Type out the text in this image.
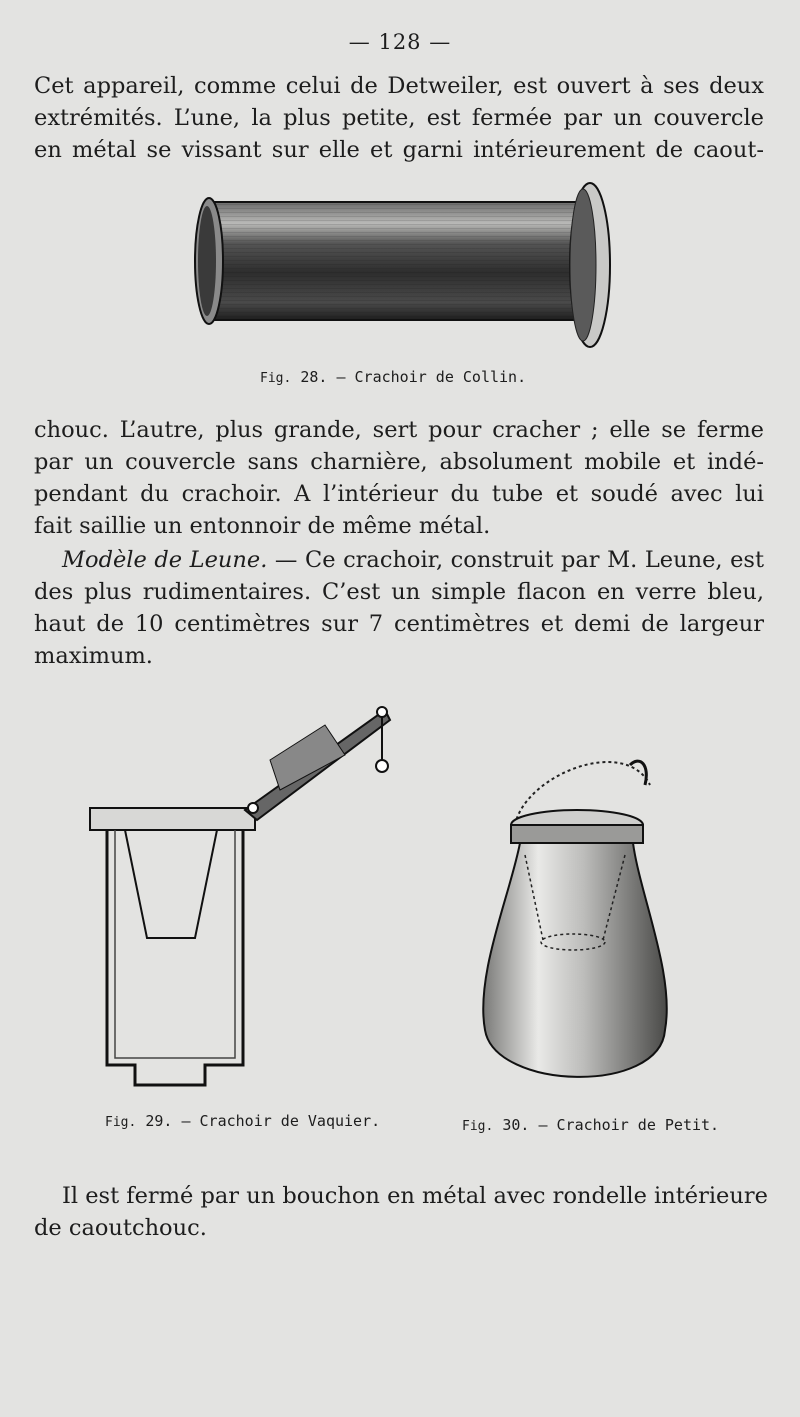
— 128 —
Cet appareil, comme celui de Detweiler, est ouvert à ses deux
extrémités. L’une, la plus petite, est fermée par un couvercle
en métal se vissant sur elle et garni intérieurement de caout-
Fig. 28. — Crachoir de Collin.
chouc. L’autre, plus grande, sert pour cracher ; elle se ferme
par un couvercle sans charnière, absolument mobile et indé-
pendant du crachoir. A l’intérieur du tube et soudé avec lui
fait saillie un entonnoir de même métal.
Modèle de Leune. — Ce crachoir, construit par M. Leune, est
des plus rudimentaires. C’est un simple flacon en verre bleu,
haut de 10 centimètres sur 7 centimètres et demi de largeur
maximum.
Fig. 29. — Crachoir de Vaquier.	Fig. 30. — Crachoir de Petit.
Il est fermé par un bouchon en métal avec rondelle intérieure
de caoutchouc.
